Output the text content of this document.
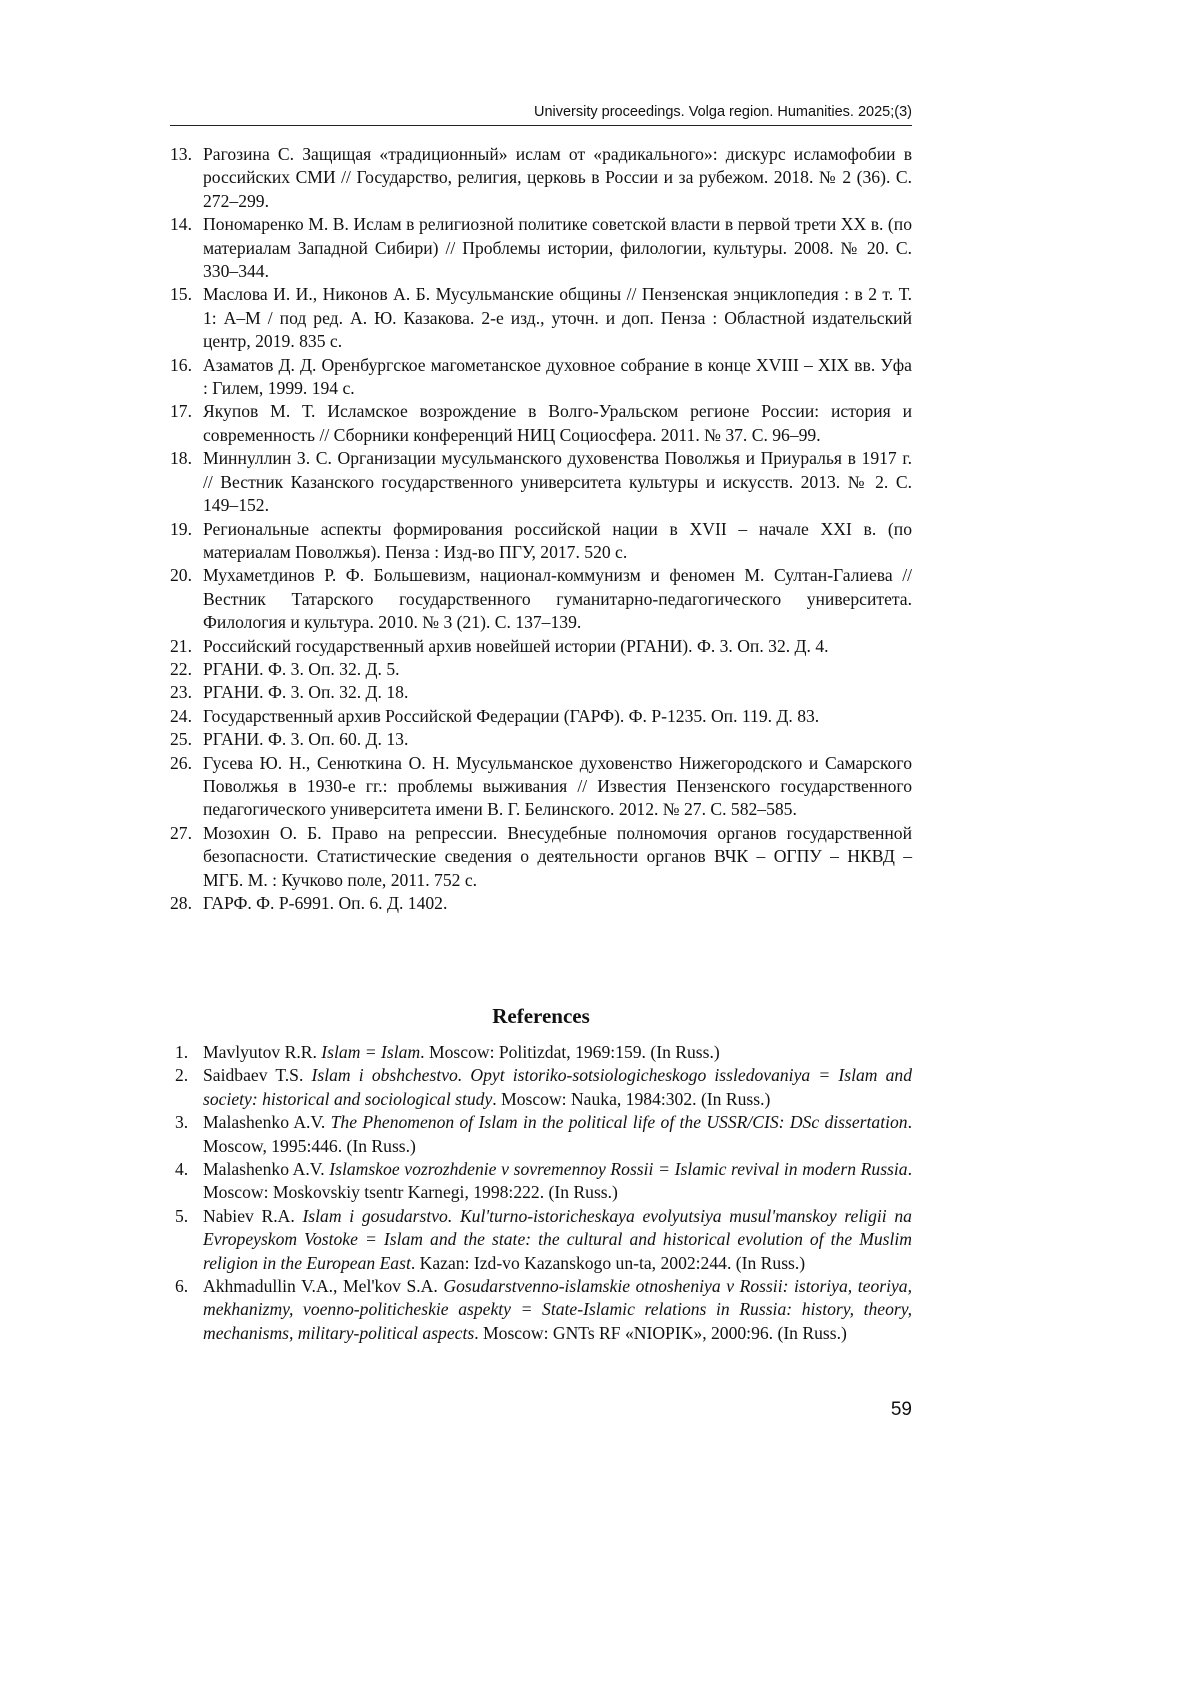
University proceedings. Volga region. Humanities. 2025;(3)
13. Рагозина С. Защищая «традиционный» ислам от «радикального»: дискурс исламофобии в российских СМИ // Государство, религия, церковь в России и за рубежом. 2018. № 2 (36). С. 272–299.
14. Пономаренко М. В. Ислам в религиозной политике советской власти в первой трети XX в. (по материалам Западной Сибири) // Проблемы истории, филологии, культуры. 2008. № 20. С. 330–344.
15. Маслова И. И., Никонов А. Б. Мусульманские общины // Пензенская энциклопедия : в 2 т. Т. 1: А–М / под ред. А. Ю. Казакова. 2-е изд., уточн. и доп. Пенза : Областной издательский центр, 2019. 835 с.
16. Азаматов Д. Д. Оренбургское магометанское духовное собрание в конце XVIII – XIX вв. Уфа : Гилем, 1999. 194 с.
17. Якупов М. Т. Исламское возрождение в Волго-Уральском регионе России: история и современность // Сборники конференций НИЦ Социосфера. 2011. № 37. С. 96–99.
18. Миннуллин З. С. Организации мусульманского духовенства Поволжья и Приуралья в 1917 г. // Вестник Казанского государственного университета культуры и искусств. 2013. № 2. С. 149–152.
19. Региональные аспекты формирования российской нации в XVII – начале XXI в. (по материалам Поволжья). Пенза : Изд-во ПГУ, 2017. 520 с.
20. Мухаметдинов Р. Ф. Большевизм, национал-коммунизм и феномен М. Султан-Галиева // Вестник Татарского государственного гуманитарно-педагогического университета. Филология и культура. 2010. № 3 (21). С. 137–139.
21. Российский государственный архив новейшей истории (РГАНИ). Ф. 3. Оп. 32. Д. 4.
22. РГАНИ. Ф. 3. Оп. 32. Д. 5.
23. РГАНИ. Ф. 3. Оп. 32. Д. 18.
24. Государственный архив Российской Федерации (ГАРФ). Ф. Р-1235. Оп. 119. Д. 83.
25. РГАНИ. Ф. 3. Оп. 60. Д. 13.
26. Гусева Ю. Н., Сенюткина О. Н. Мусульманское духовенство Нижегородского и Самарского Поволжья в 1930-е гг.: проблемы выживания // Известия Пензенского государственного педагогического университета имени В. Г. Белинского. 2012. № 27. С. 582–585.
27. Мозохин О. Б. Право на репрессии. Внесудебные полномочия органов государственной безопасности. Статистические сведения о деятельности органов ВЧК – ОГПУ – НКВД – МГБ. М. : Кучково поле, 2011. 752 с.
28. ГАРФ. Ф. Р-6991. Оп. 6. Д. 1402.
References
1. Mavlyutov R.R. Islam = Islam. Moscow: Politizdat, 1969:159. (In Russ.)
2. Saidbaev T.S. Islam i obshchestvo. Opyt istoriko-sotsiologicheskogo issledovaniya = Islam and society: historical and sociological study. Moscow: Nauka, 1984:302. (In Russ.)
3. Malashenko A.V. The Phenomenon of Islam in the political life of the USSR/CIS: DSc dissertation. Moscow, 1995:446. (In Russ.)
4. Malashenko A.V. Islamskoe vozrozhdenie v sovremennoy Rossii = Islamic revival in modern Russia. Moscow: Moskovskiy tsentr Karnegi, 1998:222. (In Russ.)
5. Nabiev R.A. Islam i gosudarstvo. Kul'turno-istoricheskaya evolyutsiya musul'manskoy religii na Evropeyskom Vostoke = Islam and the state: the cultural and historical evolution of the Muslim religion in the European East. Kazan: Izd-vo Kazanskogo un-ta, 2002:244. (In Russ.)
6. Akhmadullin V.A., Mel'kov S.A. Gosudarstvenno-islamskie otnosheniya v Rossii: istoriya, teoriya, mekhanizmy, voenno-politicheskie aspekty = State-Islamic relations in Russia: history, theory, mechanisms, military-political aspects. Moscow: GNTs RF «NIOPIK», 2000:96. (In Russ.)
59
